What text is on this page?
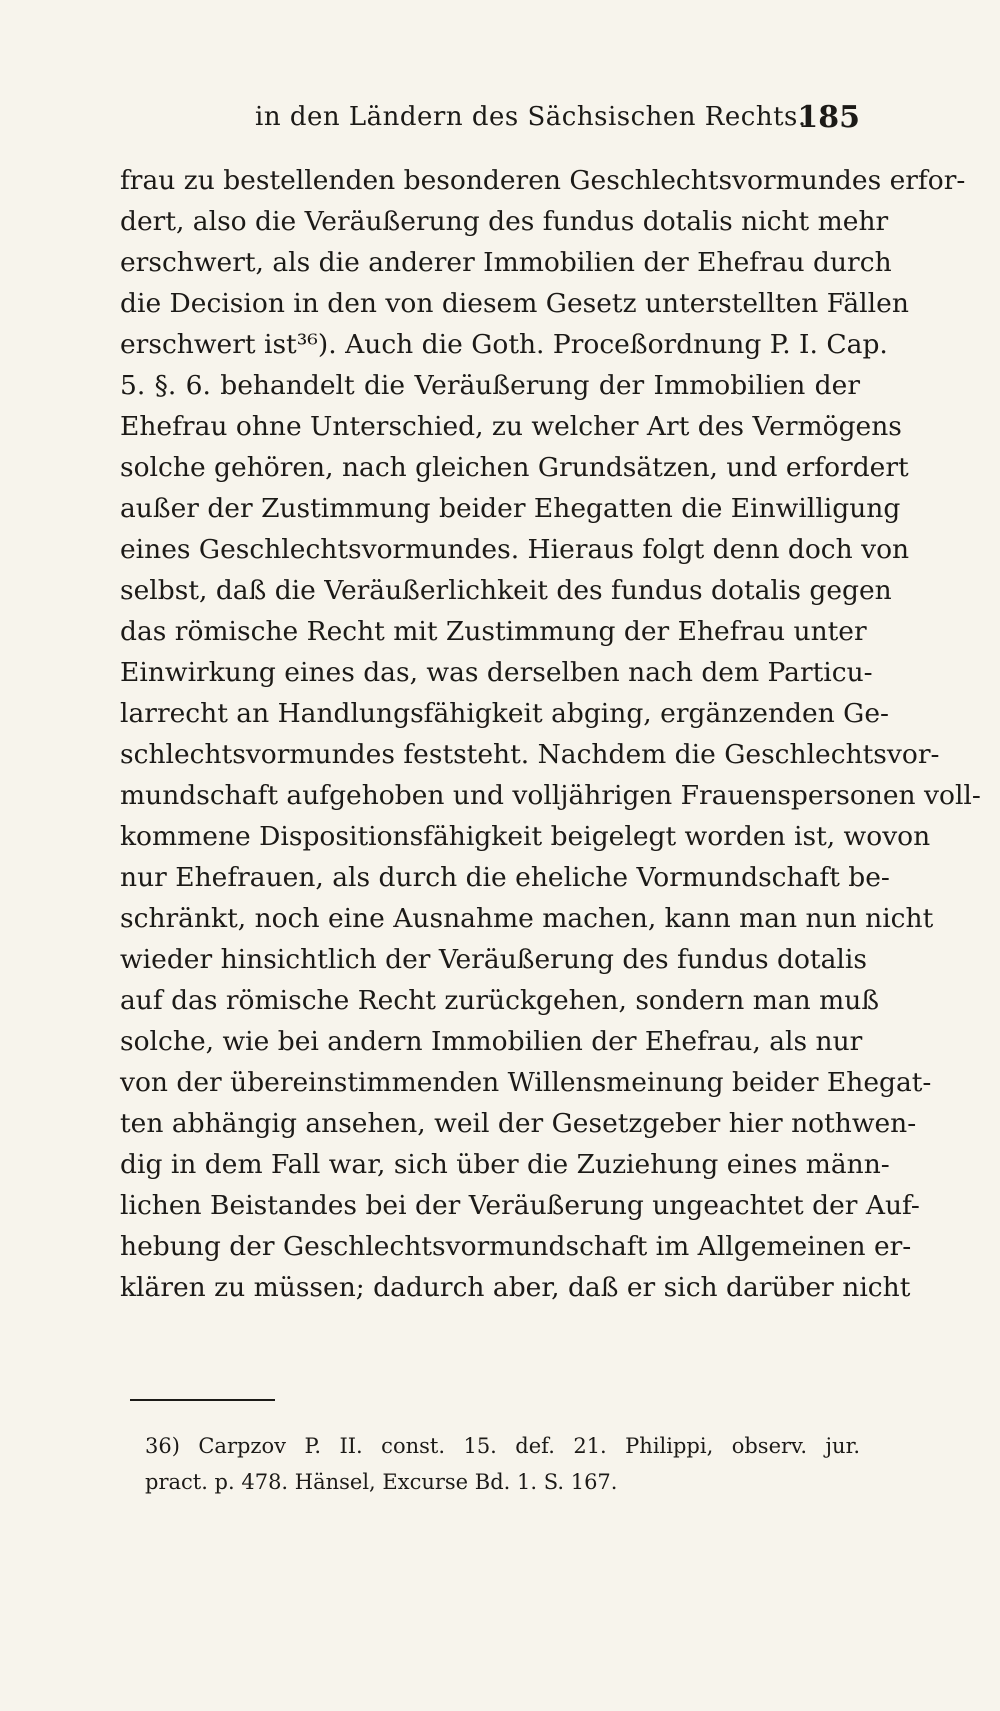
in den Ländern des Sächsischen Rechts.
185
frau zu bestellenden besonderen Geschlechtsvormundes erfor-
dert, also die Veräußerung des fundus dotalis nicht mehr
erschwert, als die anderer Immobilien der Ehefrau durch
die Decision in den von diesem Gesetz unterstellten Fällen
erschwert ist³⁶). Auch die Goth. Proceßordnung P. I. Cap.
5. §. 6. behandelt die Veräußerung der Immobilien der
Ehefrau ohne Unterschied, zu welcher Art des Vermögens
solche gehören, nach gleichen Grundsätzen, und erfordert
außer der Zustimmung beider Ehegatten die Einwilligung
eines Geschlechtsvormundes. Hieraus folgt denn doch von
selbst, daß die Veräußerlichkeit des fundus dotalis gegen
das römische Recht mit Zustimmung der Ehefrau unter
Einwirkung eines das, was derselben nach dem Particu-
larrecht an Handlungsfähigkeit abging, ergänzenden Ge-
schlechtsvormundes feststeht. Nachdem die Geschlechtsvor-
mundschaft aufgehoben und volljährigen Frauenspersonen voll-
kommene Dispositionsfähigkeit beigelegt worden ist, wovon
nur Ehefrauen, als durch die eheliche Vormundschaft be-
schränkt, noch eine Ausnahme machen, kann man nun nicht
wieder hinsichtlich der Veräußerung des fundus dotalis
auf das römische Recht zurückgehen, sondern man muß
solche, wie bei andern Immobilien der Ehefrau, als nur
von der übereinstimmenden Willensmeinung beider Ehegat-
ten abhängig ansehen, weil der Gesetzgeber hier nothwen-
dig in dem Fall war, sich über die Zuziehung eines männ-
lichen Beistandes bei der Veräußerung ungeachtet der Auf-
hebung der Geschlechtsvormundschaft im Allgemeinen er-
klären zu müssen; dadurch aber, daß er sich darüber nicht
36) Carpzov P. II. const. 15. def. 21. Philippi, observ. jur.
pract. p. 478. Hänsel, Excurse Bd. 1. S. 167.
